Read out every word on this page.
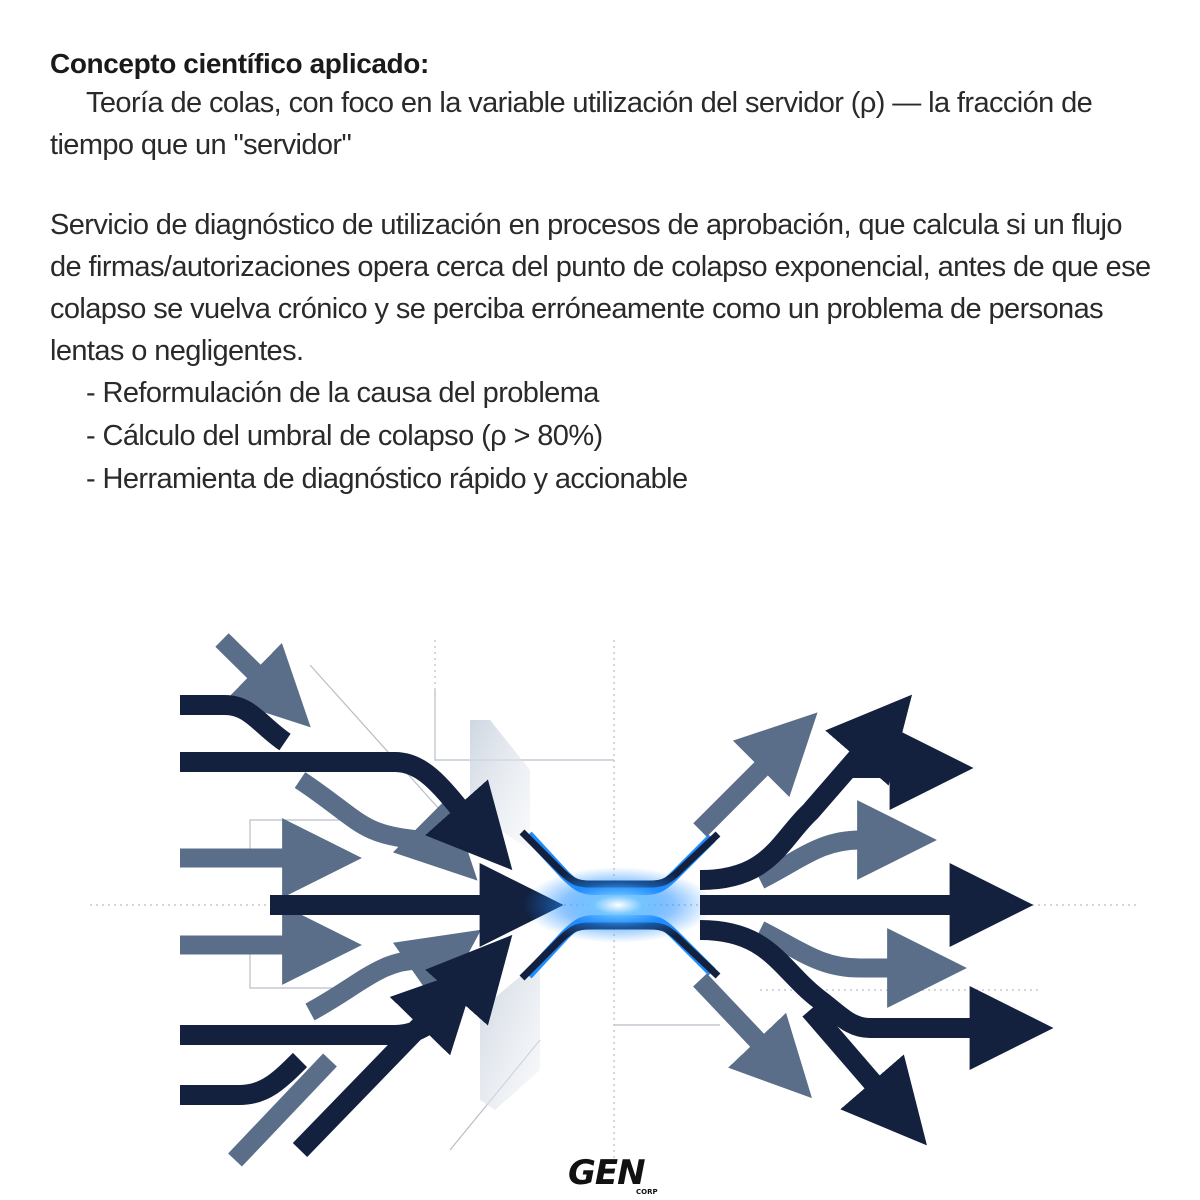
Concepto científico aplicado:

Teoría de colas, con foco en la variable utilización del servidor (ρ) — la fracción de tiempo que un "servidor"

Servicio de diagnóstico de utilización en procesos de aprobación, que calcula si un flujo de firmas/autorizaciones opera cerca del punto de colapso exponencial, antes de que ese colapso se vuelva crónico y se perciba erróneamente como un problema de personas lentas o negligentes.

- Reformulación de la causa del problema
- Cálculo del umbral de colapso (ρ > 80%)
- Herramienta de diagnóstico rápido y accionable
GEN
CORP
